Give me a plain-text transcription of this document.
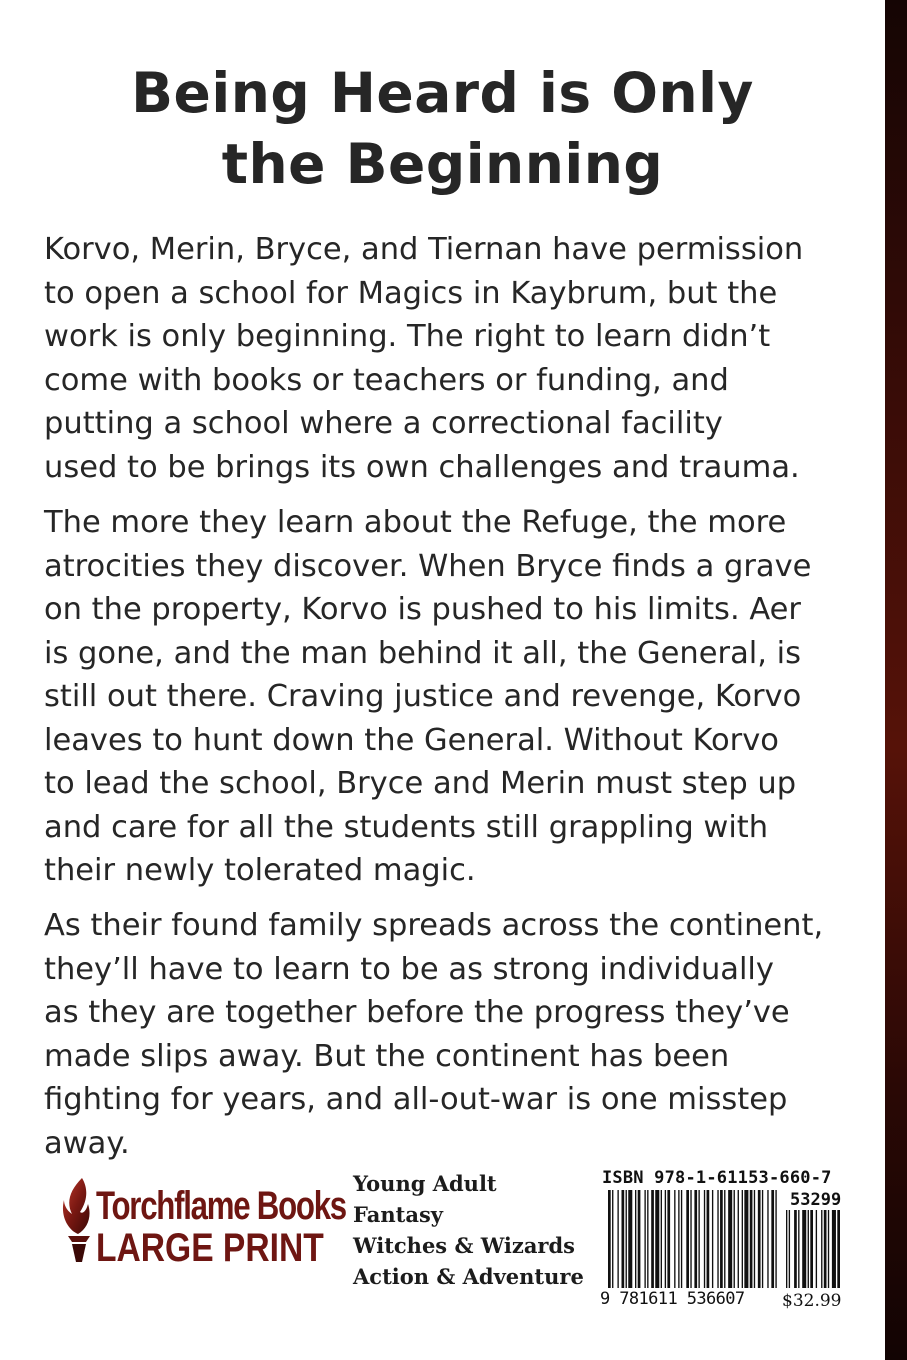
Being Heard is Only
the Beginning

Korvo, Merin, Bryce, and Tiernan have permission
to open a school for Magics in Kaybrum, but the
work is only beginning. The right to learn didn’t
come with books or teachers or funding, and
putting a school where a correctional facility
used to be brings its own challenges and trauma.

The more they learn about the Refuge, the more
atrocities they discover. When Bryce finds a grave
on the property, Korvo is pushed to his limits. Aer
is gone, and the man behind it all, the General, is
still out there. Craving justice and revenge, Korvo
leaves to hunt down the General. Without Korvo
to lead the school, Bryce and Merin must step up
and care for all the students still grappling with
their newly tolerated magic.

As their found family spreads across the continent,
they’ll have to learn to be as strong individually
as they are together before the progress they’ve
made slips away. But the continent has been
fighting for years, and all-out-war is one misstep
away.

Torchflame Books
LARGE PRINT
Young Adult
Fantasy
Witches & Wizards
Action & Adventure
ISBN 978-1-61153-660-7
53299
9 781611 536607 $32.99
